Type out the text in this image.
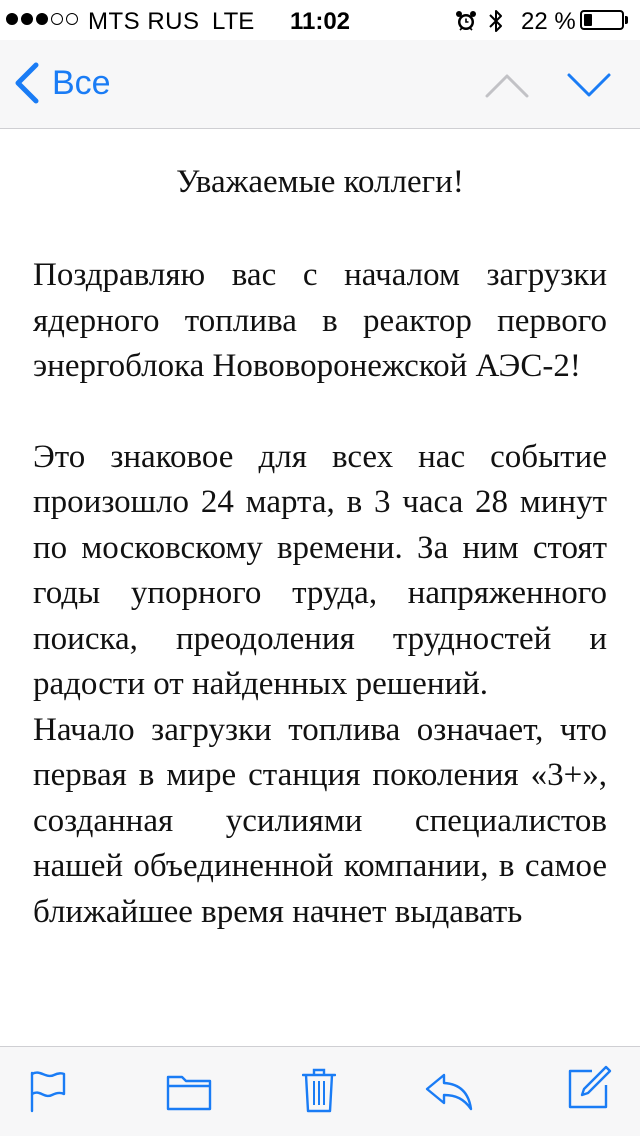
MTS RUS LTE	11:02	22 %
Все

Уважаемые коллеги!

Поздравляю вас с началом загрузки ядерного топлива в реактор первого энергоблока Нововоронежской АЭС-2!

Это знаковое для всех нас событие произошло 24 марта, в 3 часа 28 минут по московскому времени. За ним стоят годы упорного труда, напряженного поиска, преодоления трудностей и радости от найденных решений.

Начало загрузки топлива означает, что первая в мире станция поколения «3+», созданная усилиями специалистов нашей объединенной компании, в самое ближайшее время начнет выдавать
